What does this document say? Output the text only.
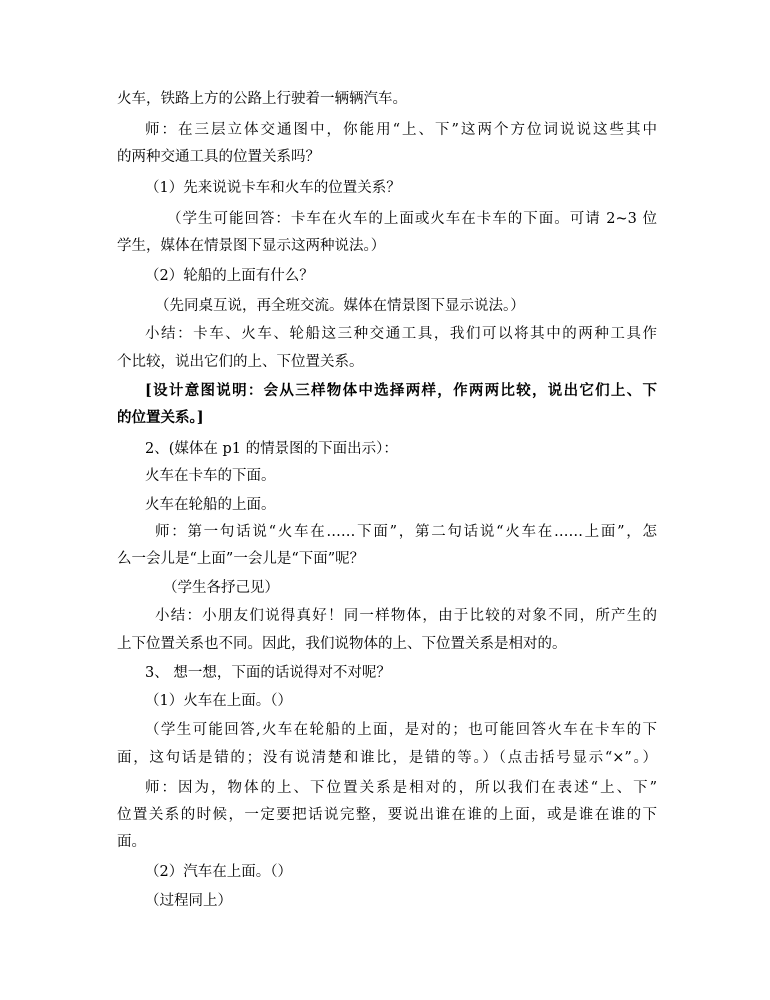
火车，铁路上方的公路上行驶着一辆辆汽车。
师：在三层立体交通图中，你能用“上、下”这两个方位词说说这些其中
的两种交通工具的位置关系吗？
（1）先来说说卡车和火车的位置关系？
（学生可能回答：卡车在火车的上面或火车在卡车的下面。可请 2~3 位
学生，媒体在情景图下显示这两种说法。）
（2）轮船的上面有什么？
（先同桌互说，再全班交流。媒体在情景图下显示说法。）
小结：卡车、火车、轮船这三种交通工具，我们可以将其中的两种工具作
个比较，说出它们的上、下位置关系。
[设计意图说明：会从三样物体中选择两样，作两两比较，说出它们上、下
的位置关系。]
2、(媒体在 p1 的情景图的下面出示）：
火车在卡车的下面。
火车在轮船的上面。
师：第一句话说“火车在……下面”，第二句话说“火车在……上面”，怎
么一会儿是“上面”一会儿是“下面”呢？
（学生各抒己见）
小结：小朋友们说得真好！同一样物体，由于比较的对象不同，所产生的
上下位置关系也不同。因此，我们说物体的上、下位置关系是相对的。
3、 想一想，下面的话说得对不对呢？
（1）火车在上面。（）
（学生可能回答,火车在轮船的上面，是对的；也可能回答火车在卡车的下
面，这句话是错的；没有说清楚和谁比，是错的等。）（点击括号显示“×”。）
师：因为，物体的上、下位置关系是相对的，所以我们在表述“上、下”
位置关系的时候，一定要把话说完整，要说出谁在谁的上面，或是谁在谁的下
面。
（2）汽车在上面。（）
（过程同上）
